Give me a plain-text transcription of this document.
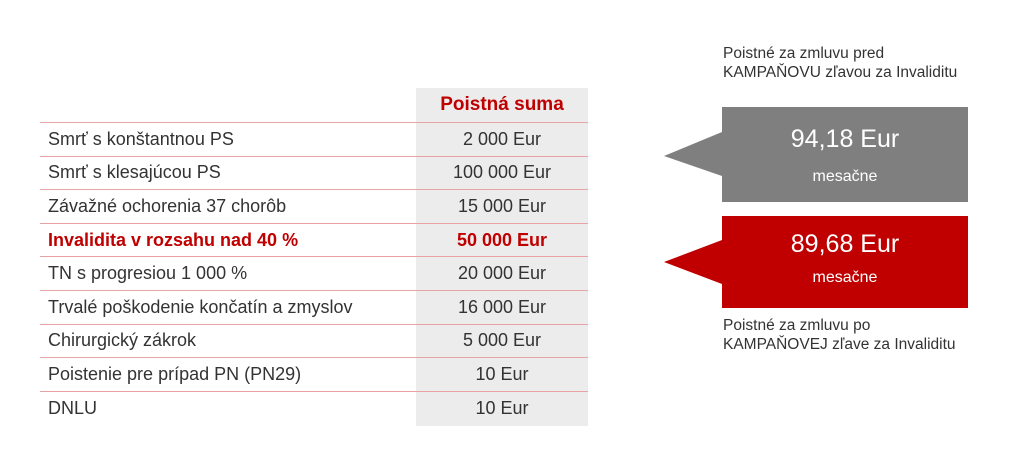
Poistná suma
Smrť s konštantnou PS	2 000 Eur
Smrť s klesajúcou PS	100 000 Eur
Závažné ochorenia 37 chorôb	15 000 Eur
Invalidita v rozsahu nad 40 %	50 000 Eur
TN s progresiou 1 000 %	20 000 Eur
Trvalé poškodenie končatín a zmyslov	16 000 Eur
Chirurgický zákrok	5 000 Eur
Poistenie pre prípad PN (PN29)	10 Eur
DNLU	10 Eur
Poistné za zmluvu pred KAMPAŇOVU zľavou za Invaliditu
94,18 Eur
mesačne
89,68 Eur
mesačne
Poistné za zmluvu po KAMPAŇOVEJ zľave za Invaliditu
